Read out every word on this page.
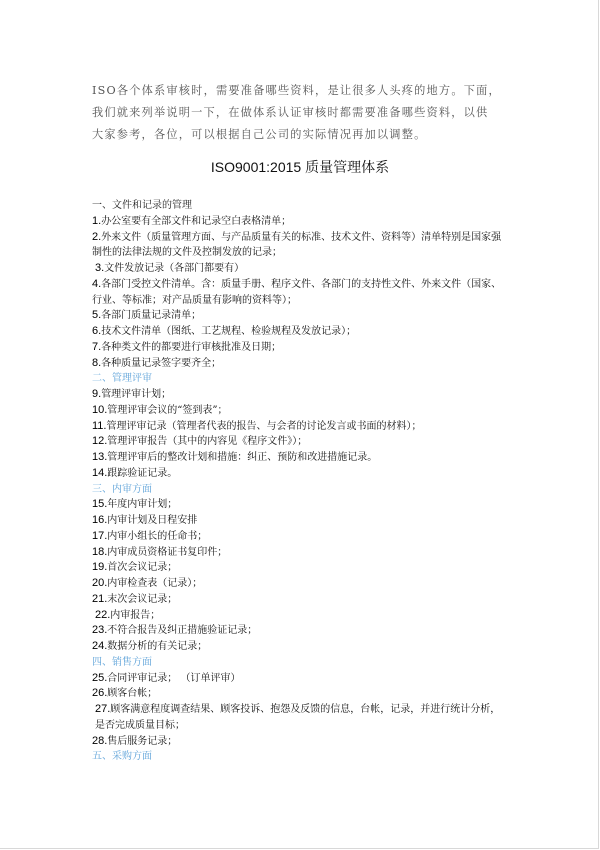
ISO各个体系审核时，需要准备哪些资料，是让很多人头疼的地方。下面，

我们就来列举说明一下，在做体系认证审核时都需要准备哪些资料，以供

大家参考，各位，可以根据自己公司的实际情况再加以调整。

ISO9001:2015 质量管理体系
一、文件和记录的管理
1.办公室要有全部文件和记录空白表格清单；
2.外来文件（质量管理方面、与产品质量有关的标准、技术文件、资料等）清单特别是国家强制性的法律法规的文件及控制发放的记录；
3.文件发放记录（各部门都要有）
4.各部门受控文件清单。含：质量手册、程序文件、各部门的支持性文件、外来文件（国家、行业、等标准；对产品质量有影响的资料等）；
5.各部门质量记录清单；
6.技术文件清单（图纸、工艺规程、检验规程及发放记录）；
7.各种类文件的都要进行审核批准及日期；
8.各种质量记录签字要齐全；
二、管理评审
9.管理评审计划；
10.管理评审会议的“签到表”；
11.管理评审记录（管理者代表的报告、与会者的讨论发言或书面的材料）；
12.管理评审报告（其中的内容见《程序文件》）；
13.管理评审后的整改计划和措施：纠正、预防和改进措施记录。
14.跟踪验证记录。
三、内审方面
15.年度内审计划；
16.内审计划及日程安排
17.内审小组长的任命书；
18.内审成员资格证书复印件；
19.首次会议记录；
20.内审检查表（记录）；
21.末次会议记录；
22.内审报告；
23.不符合报告及纠正措施验证记录；
24.数据分析的有关记录；
四、销售方面
25.合同评审记录； （订单评审）
26.顾客台帐；
27.顾客满意程度调查结果、顾客投诉、抱怨及反馈的信息，台帐，记录，并进行统计分析，是否完成质量目标；
28.售后服务记录；
五、采购方面
